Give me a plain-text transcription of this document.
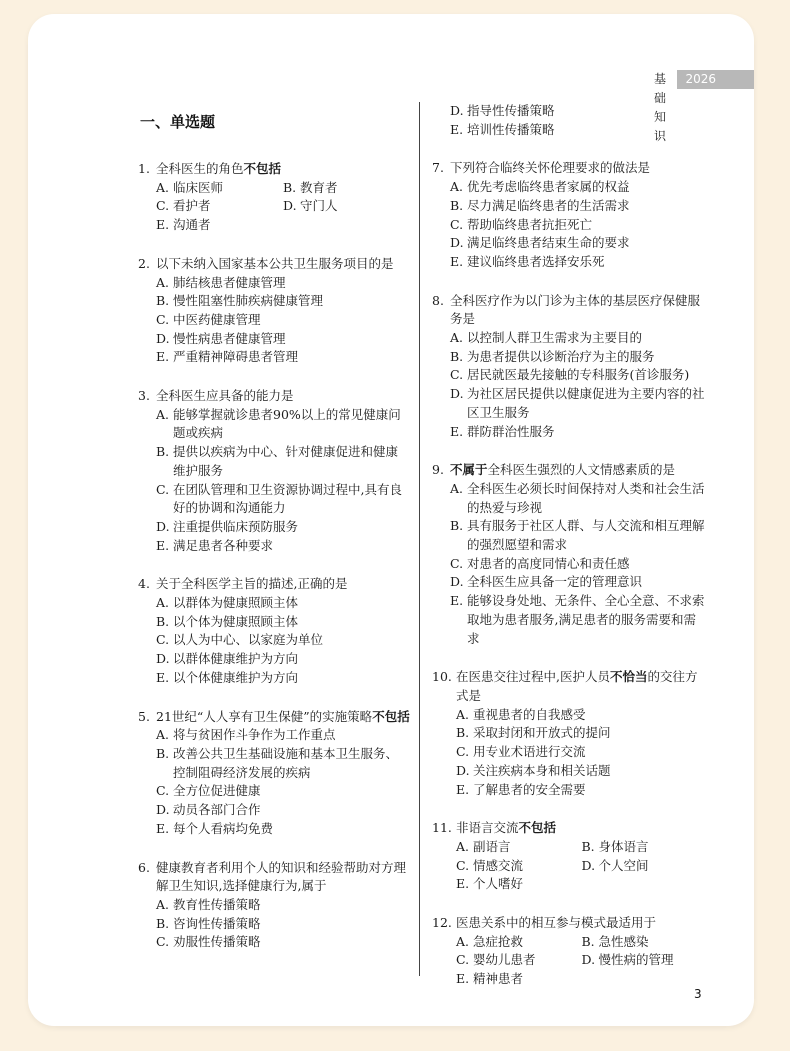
基础知识
2026
一、单选题
1. 全科医生的角色不包括
A. 临床医师	B. 教育者
C. 看护者	D. 守门人
E. 沟通者
2. 以下未纳入国家基本公共卫生服务项目的是
A. 肺结核患者健康管理
B. 慢性阻塞性肺疾病健康管理
C. 中医药健康管理
D. 慢性病患者健康管理
E. 严重精神障碍患者管理
3. 全科医生应具备的能力是
A. 能够掌握就诊患者90%以上的常见健康问题或疾病
B. 提供以疾病为中心、针对健康促进和健康维护服务
C. 在团队管理和卫生资源协调过程中,具有良好的协调和沟通能力
D. 注重提供临床预防服务
E. 满足患者各种要求
4. 关于全科医学主旨的描述,正确的是
A. 以群体为健康照顾主体
B. 以个体为健康照顾主体
C. 以人为中心、以家庭为单位
D. 以群体健康维护为方向
E. 以个体健康维护为方向
5. 21世纪“人人享有卫生保健”的实施策略不包括
A. 将与贫困作斗争作为工作重点
B. 改善公共卫生基础设施和基本卫生服务、控制阻碍经济发展的疾病
C. 全方位促进健康
D. 动员各部门合作
E. 每个人看病均免费
6. 健康教育者利用个人的知识和经验帮助对方理解卫生知识,选择健康行为,属于
A. 教育性传播策略
B. 咨询性传播策略
C. 劝服性传播策略
D. 指导性传播策略
E. 培训性传播策略
7. 下列符合临终关怀伦理要求的做法是
A. 优先考虑临终患者家属的权益
B. 尽力满足临终患者的生活需求
C. 帮助临终患者抗拒死亡
D. 满足临终患者结束生命的要求
E. 建议临终患者选择安乐死
8. 全科医疗作为以门诊为主体的基层医疗保健服务是
A. 以控制人群卫生需求为主要目的
B. 为患者提供以诊断治疗为主的服务
C. 居民就医最先接触的专科服务(首诊服务)
D. 为社区居民提供以健康促进为主要内容的社区卫生服务
E. 群防群治性服务
9. 不属于全科医生强烈的人文情感素质的是
A. 全科医生必须长时间保持对人类和社会生活的热爱与珍视
B. 具有服务于社区人群、与人交流和相互理解的强烈愿望和需求
C. 对患者的高度同情心和责任感
D. 全科医生应具备一定的管理意识
E. 能够设身处地、无条件、全心全意、不求索取地为患者服务,满足患者的服务需要和需求
10. 在医患交往过程中,医护人员不恰当的交往方式是
A. 重视患者的自我感受
B. 采取封闭和开放式的提问
C. 用专业术语进行交流
D. 关注疾病本身和相关话题
E. 了解患者的安全需要
11. 非语言交流不包括
A. 副语言	B. 身体语言
C. 情感交流	D. 个人空间
E. 个人嗜好
12. 医患关系中的相互参与模式最适用于
A. 急症抢救	B. 急性感染
C. 婴幼儿患者	D. 慢性病的管理
E. 精神患者
3
